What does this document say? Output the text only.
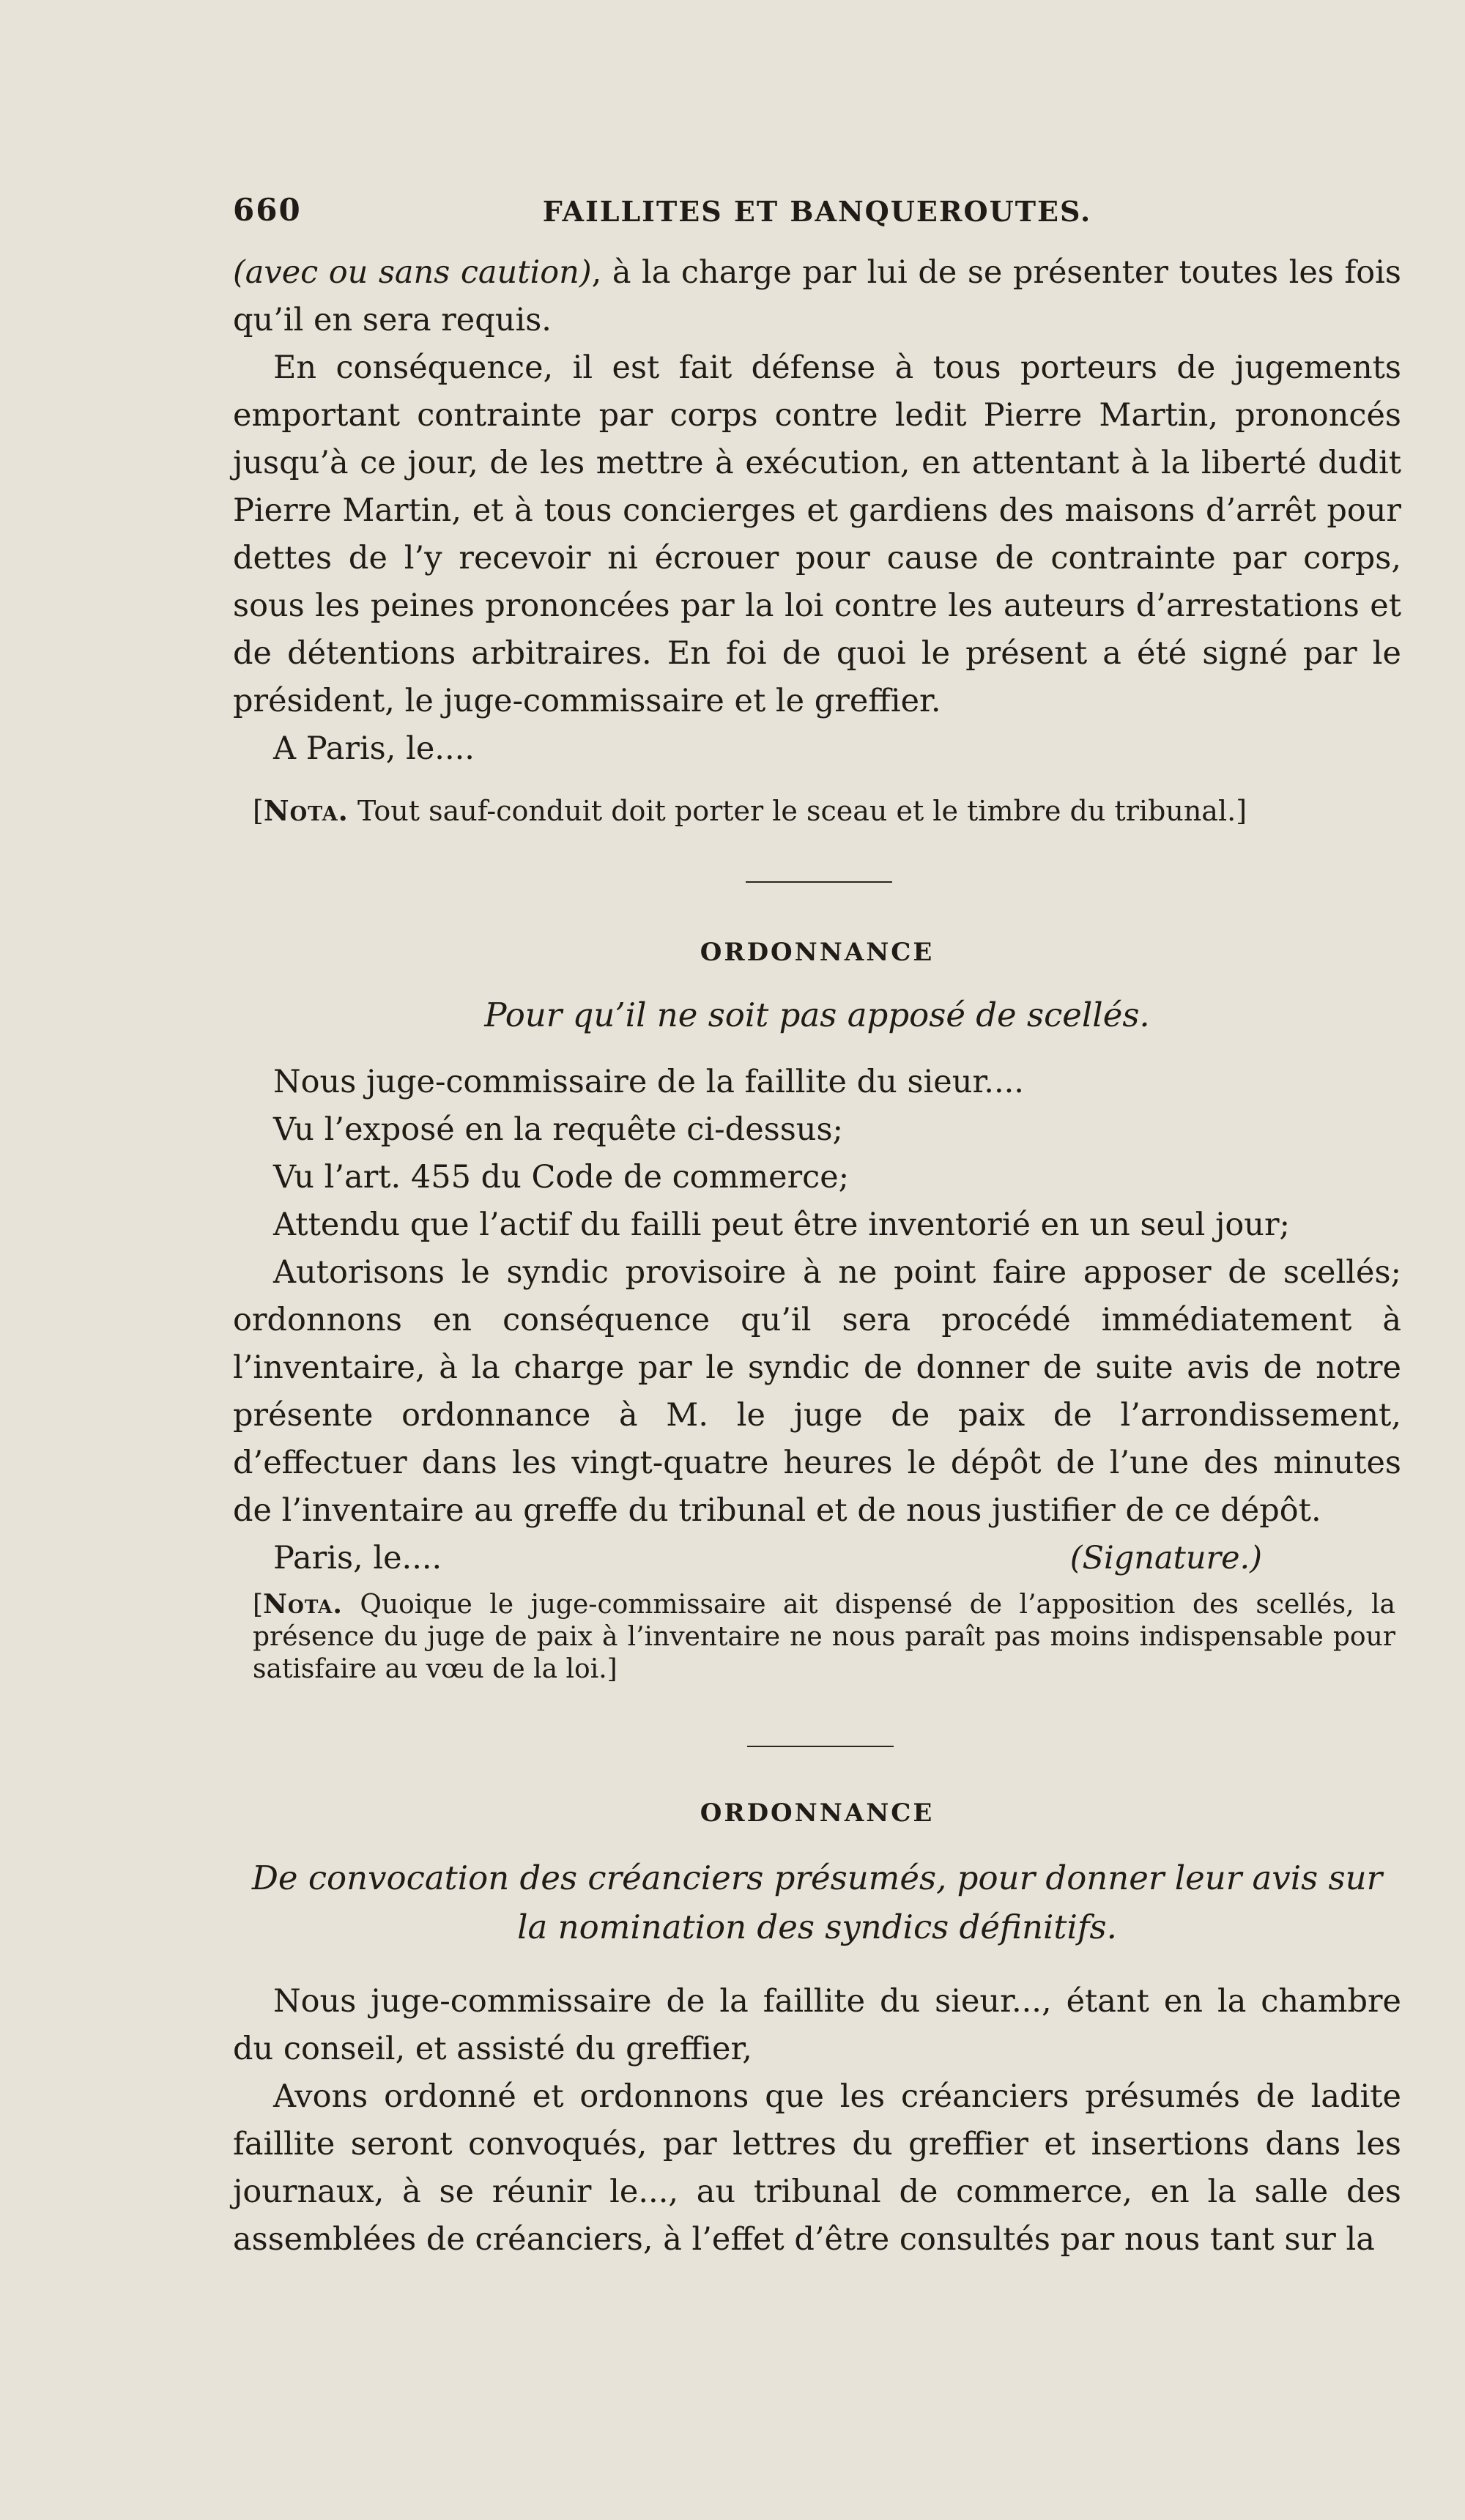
660	FAILLITES ET BANQUEROUTES.

(avec ou sans caution), à la charge par lui de se présenter toutes les fois qu’il en sera requis.

En conséquence, il est fait défense à tous porteurs de jugements emportant contrainte par corps contre ledit Pierre Martin, prononcés jusqu’à ce jour, de les mettre à exécution, en attentant à la liberté dudit Pierre Martin, et à tous concierges et gardiens des maisons d’arrêt pour dettes de l’y recevoir ni écrouer pour cause de contrainte par corps, sous les peines prononcées par la loi contre les auteurs d’arrestations et de détentions arbitraires. En foi de quoi le présent a été signé par le président, le juge-commissaire et le greffier.

A Paris, le....

[Nota. Tout sauf-conduit doit porter le sceau et le timbre du tribunal.]

ORDONNANCE

Pour qu’il ne soit pas apposé de scellés.

Nous juge-commissaire de la faillite du sieur....

Vu l’exposé en la requête ci-dessus;

Vu l’art. 455 du Code de commerce;

Attendu que l’actif du failli peut être inventorié en un seul jour;

Autorisons le syndic provisoire à ne point faire apposer de scellés; ordonnons en conséquence qu’il sera procédé immédiatement à l’inventaire, à la charge par le syndic de donner de suite avis de notre présente ordonnance à M. le juge de paix de l’arrondissement, d’effectuer dans les vingt-quatre heures le dépôt de l’une des minutes de l’inventaire au greffe du tribunal et de nous justifier de ce dépôt.

Paris, le....	(Signature.)

[Nota. Quoique le juge-commissaire ait dispensé de l’apposition des scellés, la présence du juge de paix à l’inventaire ne nous paraît pas moins indispensable pour satisfaire au vœu de la loi.]

ORDONNANCE

De convocation des créanciers présumés, pour donner leur avis sur

la nomination des syndics définitifs.

Nous juge-commissaire de la faillite du sieur..., étant en la chambre du conseil, et assisté du greffier,

Avons ordonné et ordonnons que les créanciers présumés de ladite faillite seront convoqués, par lettres du greffier et insertions dans les journaux, à se réunir le..., au tribunal de commerce, en la salle des assemblées de créanciers, à l’effet d’être consultés par nous tant sur la
